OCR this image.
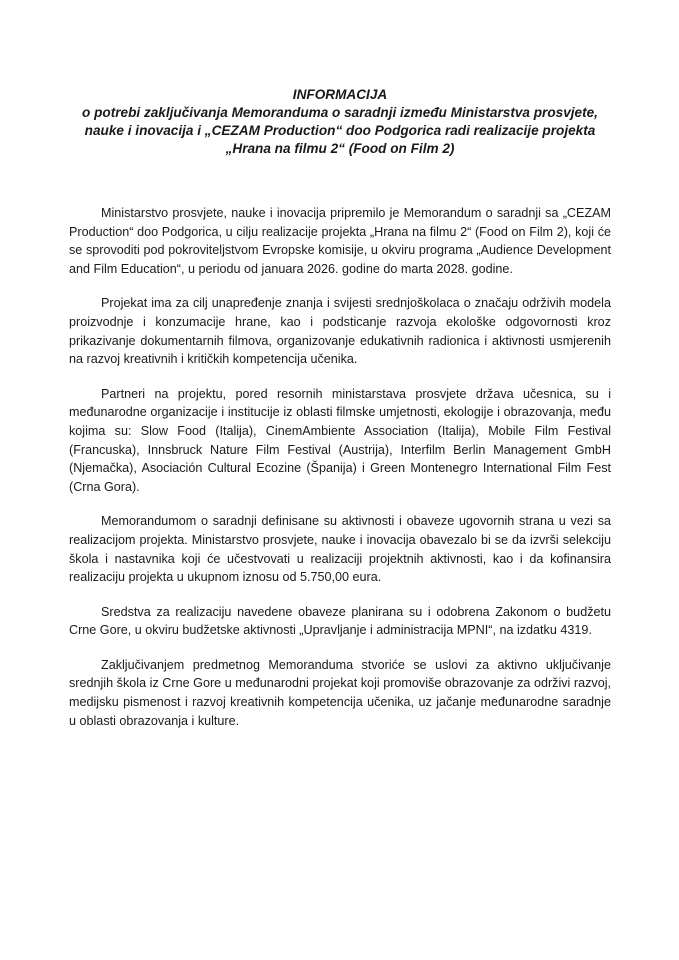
INFORMACIJA
o potrebi zaključivanja Memoranduma o saradnji između Ministarstva prosvjete,
nauke i inovacija i „CEZAM Production“ doo Podgorica radi realizacije projekta
„Hrana na filmu 2“ (Food on Film 2)

Ministarstvo prosvjete, nauke i inovacija pripremilo je Memorandum o saradnji sa „CEZAM Production“ doo Podgorica, u cilju realizacije projekta „Hrana na filmu 2“ (Food on Film 2), koji će se sprovoditi pod pokroviteljstvom Evropske komisije, u okviru programa „Audience Development and Film Education“, u periodu od januara 2026. godine do marta 2028. godine.

Projekat ima za cilj unapređenje znanja i svijesti srednjoškolaca o značaju održivih modela proizvodnje i konzumacije hrane, kao i podsticanje razvoja ekološke odgovornosti kroz prikazivanje dokumentarnih filmova, organizovanje edukativnih radionica i aktivnosti usmjerenih na razvoj kreativnih i kritičkih kompetencija učenika.

Partneri na projektu, pored resornih ministarstava prosvjete država učesnica, su i međunarodne organizacije i institucije iz oblasti filmske umjetnosti, ekologije i obrazovanja, među kojima su: Slow Food (Italija), CinemAmbiente Association (Italija), Mobile Film Festival (Francuska), Innsbruck Nature Film Festival (Austrija), Interfilm Berlin Management GmbH (Njemačka), Asociación Cultural Ecozine (Španija) i Green Montenegro International Film Fest (Crna Gora).

Memorandumom o saradnji definisane su aktivnosti i obaveze ugovornih strana u vezi sa realizacijom projekta. Ministarstvo prosvjete, nauke i inovacija obavezalo bi se da izvrši selekciju škola i nastavnika koji će učestvovati u realizaciji projektnih aktivnosti, kao i da kofinansira realizaciju projekta u ukupnom iznosu od 5.750,00 eura.

Sredstva za realizaciju navedene obaveze planirana su i odobrena Zakonom o budžetu Crne Gore, u okviru budžetske aktivnosti „Upravljanje i administracija MPNI“, na izdatku 4319.

Zaključivanjem predmetnog Memoranduma stvoriće se uslovi za aktivno uključivanje srednjih škola iz Crne Gore u međunarodni projekat koji promoviše obrazovanje za održivi razvoj, medijsku pismenost i razvoj kreativnih kompetencija učenika, uz jačanje međunarodne saradnje u oblasti obrazovanja i kulture.
